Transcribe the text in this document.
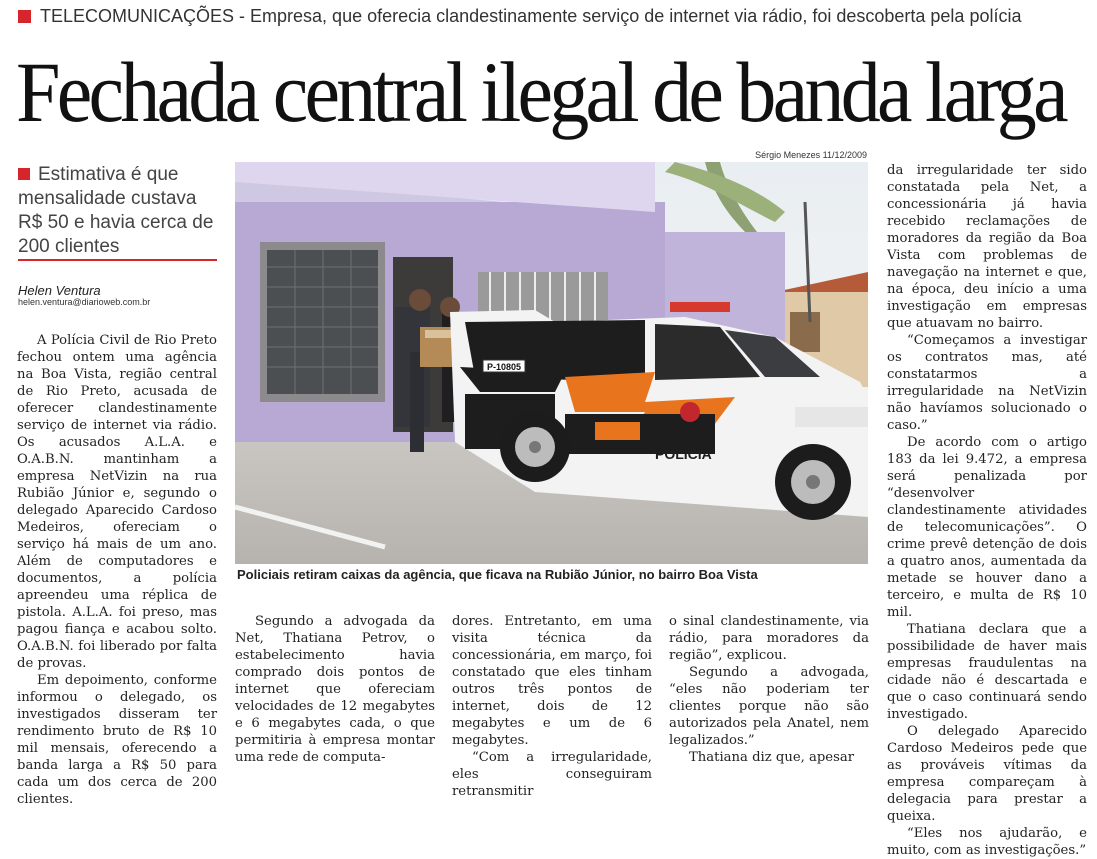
TELECOMUNICAÇÕES - Empresa, que oferecia clandestinamente serviço de internet via rádio, foi descoberta pela polícia
Fechada central ilegal de banda larga
Estimativa é que mensalidade custava R$ 50 e havia cerca de 200 clientes
Helen Ventura
helen.ventura@diarioweb.com.br

A Polícia Civil de Rio Preto fechou ontem uma agência na Boa Vista, região central de Rio Preto, acusada de oferecer clandestinamente serviço de internet via rádio. Os acusados A.L.A. e O.A.B.N. mantinham a empresa NetVizin na rua Rubião Júnior e, segundo o delegado Aparecido Cardoso Medeiros, ofereciam o serviço há mais de um ano. Além de computadores e documentos, a polícia apreendeu uma réplica de pistola. A.L.A. foi preso, mas pagou fiança e acabou solto. O.A.B.N. foi liberado por falta de provas.

Em depoimento, conforme informou o delegado, os investigados disseram ter rendimento bruto de R$ 10 mil mensais, oferecendo a banda larga a R$ 50 para cada um dos cerca de 200 clientes.

Sérgio Menezes 11/12/2009
P-10805
POLÍCIA
Policiais retiram caixas da agência, que ficava na Rubião Júnior, no bairro Boa Vista

Segundo a advogada da Net, Thatiana Petrov, o estabelecimento havia comprado dois pontos de internet que ofereciam velocidades de 12 megabytes e 6 megabytes cada, o que permitiria à empresa montar uma rede de computa-

dores. Entretanto, em uma visita técnica da concessionária, em março, foi constatado que eles tinham outros três pontos de internet, dois de 12 megabytes e um de 6 megabytes.

“Com a irregularidade, eles conseguiram retransmitir

o sinal clandestinamente, via rádio, para moradores da região”, explicou.

Segundo a advogada, “eles não poderiam ter clientes porque não são autorizados pela Anatel, nem legalizados.”

Thatiana diz que, apesar

da irregularidade ter sido constatada pela Net, a concessionária já havia recebido reclamações de moradores da região da Boa Vista com problemas de navegação na internet e que, na época, deu início a uma investigação em empresas que atuavam no bairro.

“Começamos a investigar os contratos mas, até constatarmos a irregularidade na NetVizin não havíamos solucionado o caso.”

De acordo com o artigo 183 da lei 9.472, a empresa será penalizada por “desenvolver clandestinamente atividades de telecomunicações”. O crime prevê detenção de dois a quatro anos, aumentada da metade se houver dano a terceiro, e multa de R$ 10 mil.

Thatiana declara que a possibilidade de haver mais empresas fraudulentas na cidade não é descartada e que o caso continuará sendo investigado.

O delegado Aparecido Cardoso Medeiros pede que as prováveis vítimas da empresa compareçam à delegacia para prestar a queixa.

“Eles nos ajudarão, e muito, com as investigações.”
